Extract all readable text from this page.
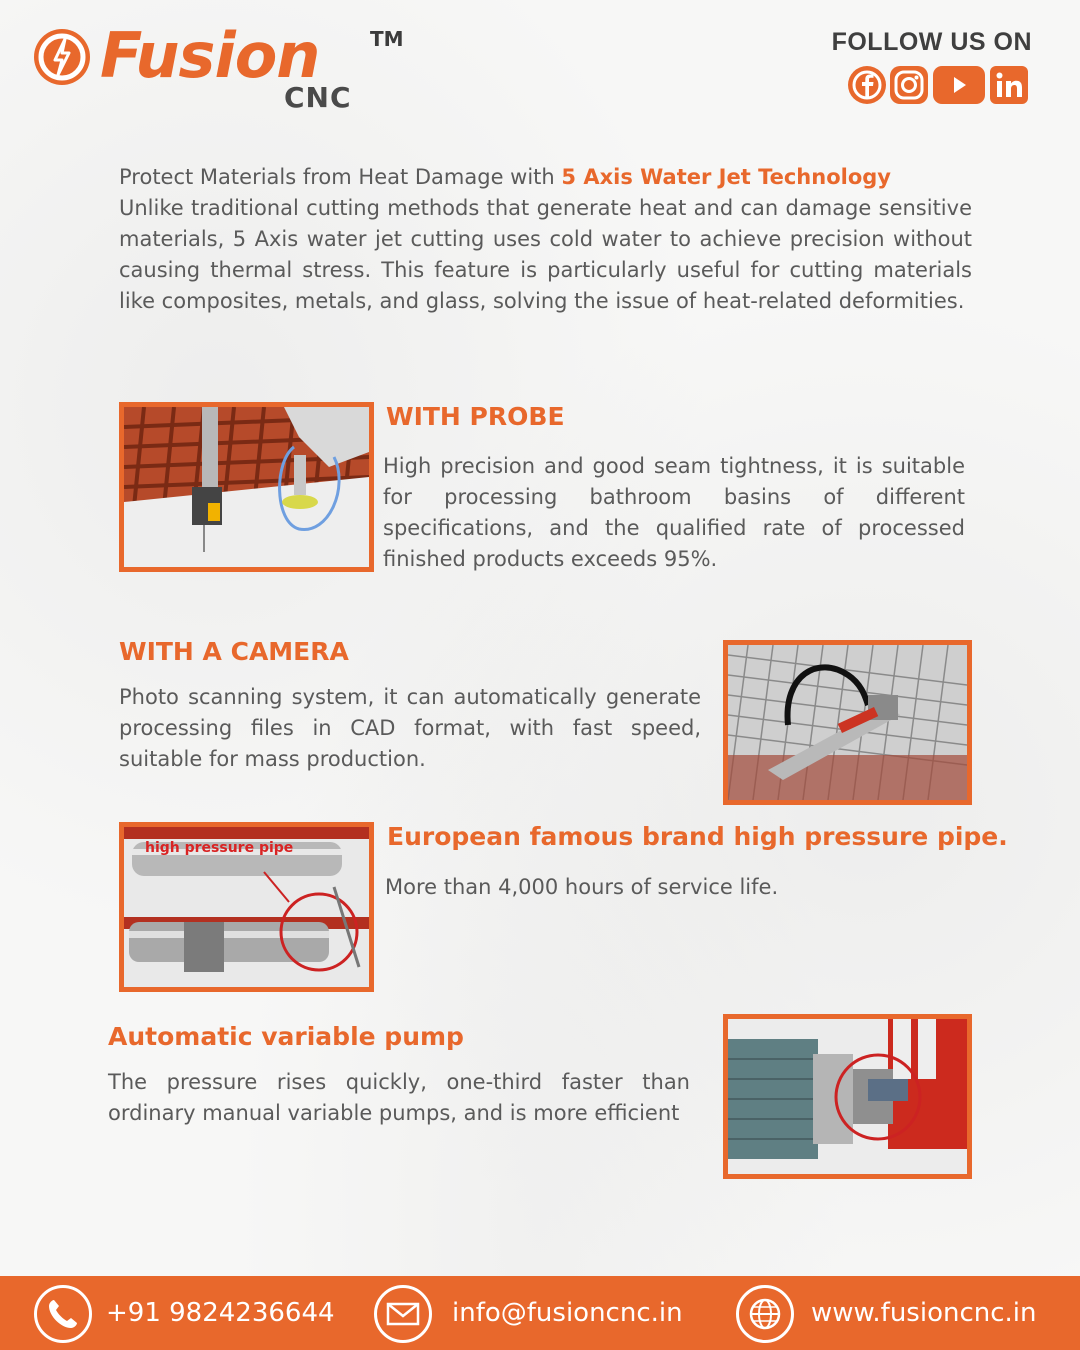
Fusion	TM
CNC
FOLLOW US ON
Protect Materials from Heat Damage with 5 Axis Water Jet Technology

Unlike traditional cutting methods that generate heat and can damage sensitive materials, 5 Axis water jet cutting uses cold water to achieve precision without causing thermal stress. This feature is particularly useful for cutting materials like composites, metals, and glass, solving the issue of heat-related deformities.

WITH PROBE
High precision and good seam tightness, it is suitable for processing bathroom basins of different specifications, and the qualified rate of processed finished products exceeds 95%.
WITH A CAMERA
Photo scanning system, it can automatically generate processing files in CAD format, with fast speed, suitable for mass production.
high pressure pipe	European famous brand high pressure pipe.
More than 4,000 hours of service life.
Automatic variable pump
The pressure rises quickly, one-third faster than ordinary manual variable pumps, and is more efficient
+91 9824236644	info@fusioncnc.in	www.fusioncnc.in
